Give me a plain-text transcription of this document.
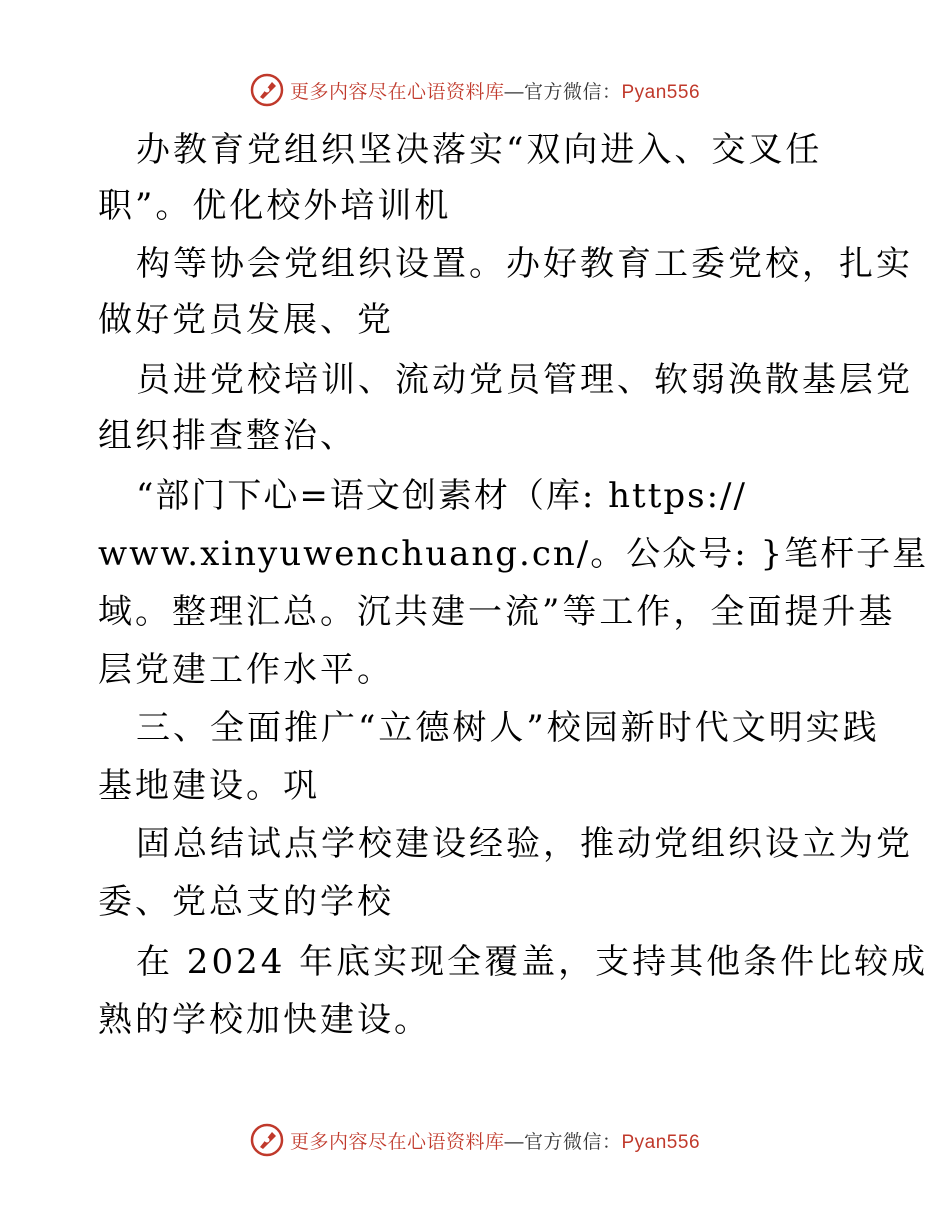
更多内容尽在心语资料库—官方微信：Pyan556
办教育党组织坚决落实“双向进入、交叉任
职”。优化校外培训机
构等协会党组织设置。办好教育工委党校，扎实
做好党员发展、党
员进党校培训、流动党员管理、软弱涣散基层党
组织排查整治、
“部门下心=语文创素材（库: https://
www.xinyuwenchuang.cn/。公众号: }笔杆子星
域。整理汇总。沉共建一流”等工作，全面提升基
层党建工作水平。
三、全面推广“立德树人”校园新时代文明实践
基地建设。巩
固总结试点学校建设经验，推动党组织设立为党
委、党总支的学校
在 2024 年底实现全覆盖，支持其他条件比较成
熟的学校加快建设。
更多内容尽在心语资料库—官方微信：Pyan556
